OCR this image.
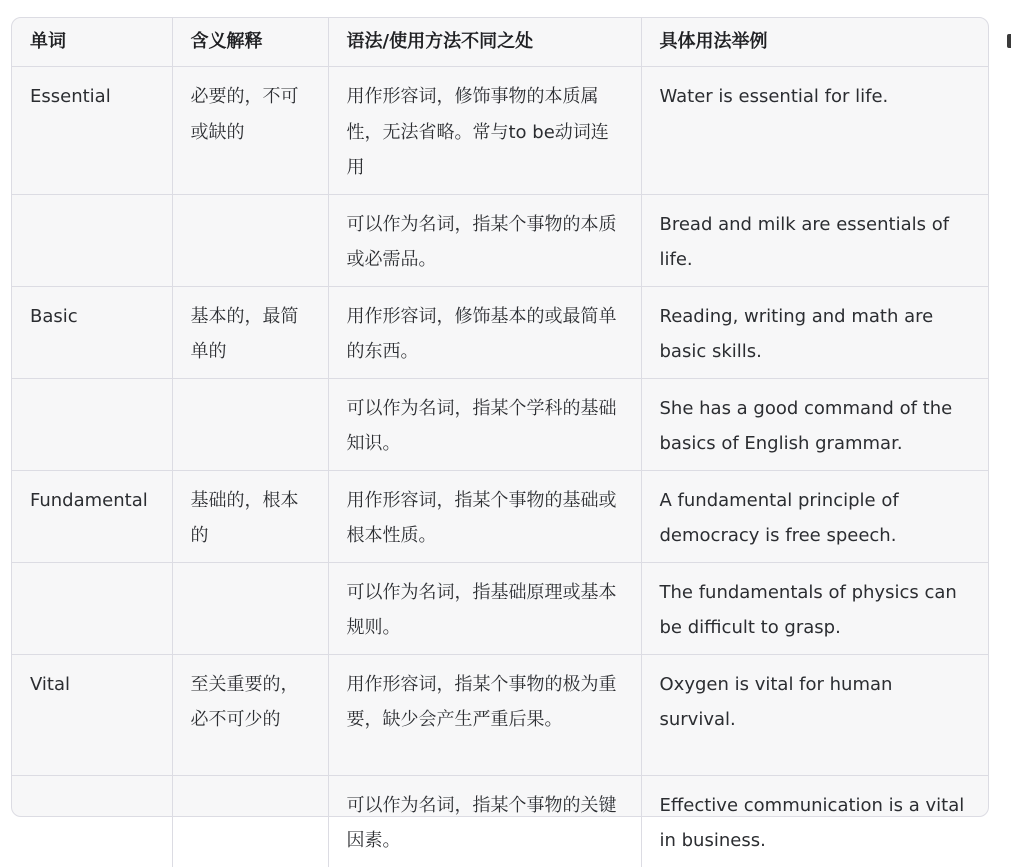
单词	含义解释	语法/使用方法不同之处	具体用法举例
Essential	必要的，不可或缺的	用作形容词，修饰事物的本质属性，无法省略。常与to be动词连用	Water is essential for life.
		可以作为名词，指某个事物的本质或必需品。	Bread and milk are essentials of life.
Basic	基本的，最简单的	用作形容词，修饰基本的或最简单的东西。	Reading, writing and math are basic skills.
		可以作为名词，指某个学科的基础知识。	She has a good command of the basics of English grammar.
Fundamental	基础的，根本的	用作形容词，指某个事物的基础或根本性质。	A fundamental principle of democracy is free speech.
		可以作为名词，指基础原理或基本规则。	The fundamentals of physics can be difficult to grasp.
Vital	至关重要的，必不可少的	用作形容词，指某个事物的极为重要，缺少会产生严重后果。	Oxygen is vital for human survival.
		可以作为名词，指某个事物的关键因素。	Effective communication is a vital in business.
